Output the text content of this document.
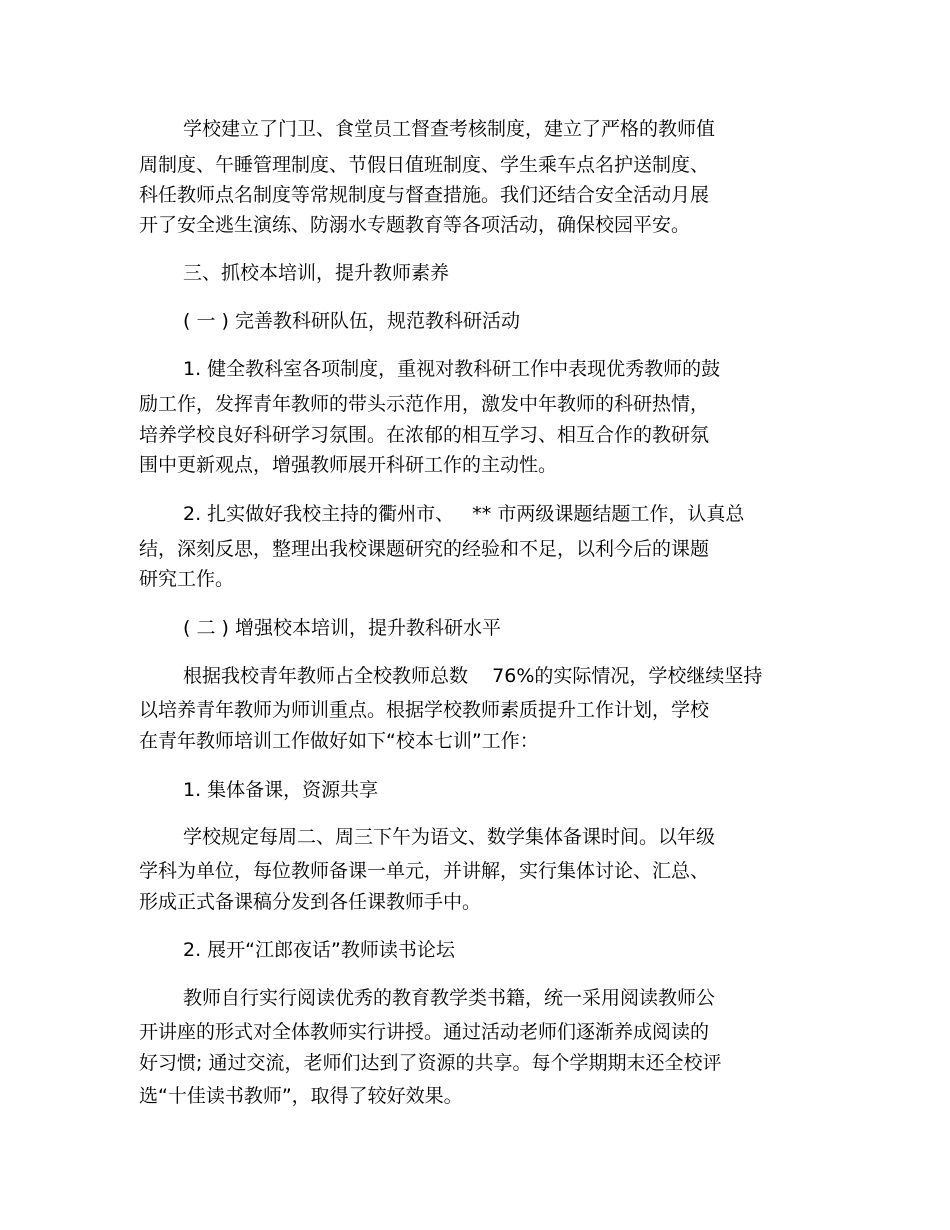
学校建立了门卫、食堂员工督查考核制度，建立了严格的教师值
周制度、午睡管理制度、节假日值班制度、学生乘车点名护送制度、
科任教师点名制度等常规制度与督查措施。我们还结合安全活动月展
开了安全逃生演练、防溺水专题教育等各项活动，确保校园平安。
三、抓校本培训，提升教师素养
( 一 ) 完善教科研队伍，规范教科研活动
1. 健全教科室各项制度，重视对教科研工作中表现优秀教师的鼓
励工作，发挥青年教师的带头示范作用，激发中年教师的科研热情，
培养学校良好科研学习氛围。在浓郁的相互学习、相互合作的教研氛
围中更新观点，增强教师展开科研工作的主动性。
2. 扎实做好我校主持的衢州市、   ** 市两级课题结题工作，认真总
结，深刻反思，整理出我校课题研究的经验和不足，以利今后的课题
研究工作。
( 二 ) 增强校本培训，提升教科研水平
根据我校青年教师占全校教师总数    76%的实际情况，学校继续坚持
以培养青年教师为师训重点。根据学校教师素质提升工作计划，学校
在青年教师培训工作做好如下“校本七训”工作：
1. 集体备课，资源共享
学校规定每周二、周三下午为语文、数学集体备课时间。以年级
学科为单位，每位教师备课一单元，并讲解，实行集体讨论、汇总、
形成正式备课稿分发到各任课教师手中。
2. 展开“江郎夜话”教师读书论坛
教师自行实行阅读优秀的教育教学类书籍，统一采用阅读教师公
开讲座的形式对全体教师实行讲授。通过活动老师们逐渐养成阅读的
好习惯; 通过交流，老师们达到了资源的共享。每个学期期末还全校评
选“十佳读书教师”，取得了较好效果。
